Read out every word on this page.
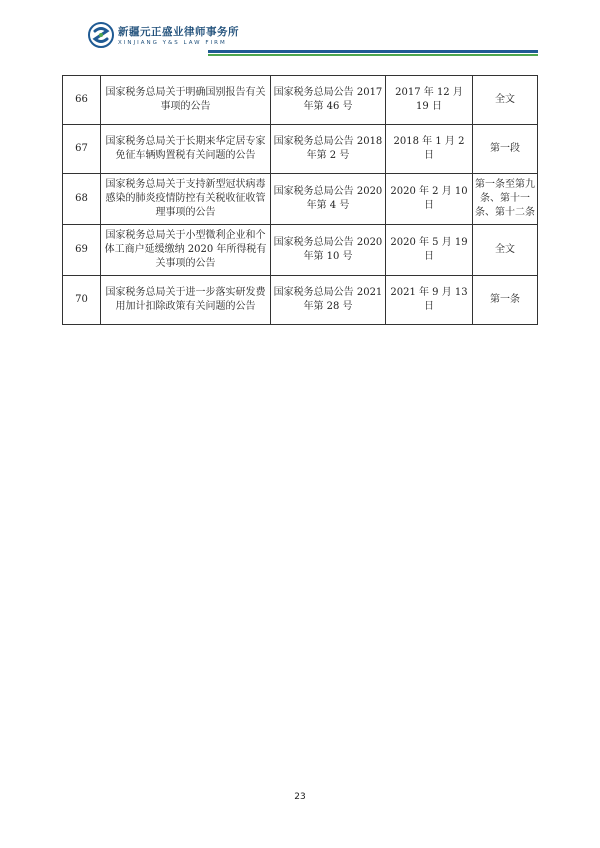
新疆元正盛业律师事务所
XINJIANG Y&S LAW FIRM
66	国家税务总局关于明确国别报告有关事项的公告	国家税务总局公告 2017 年第 46 号	2017 年 12 月 19 日	全文
67	国家税务总局关于长期来华定居专家免征车辆购置税有关问题的公告	国家税务总局公告 2018 年第 2 号	2018 年 1 月 2 日	第一段
68	国家税务总局关于支持新型冠状病毒感染的肺炎疫情防控有关税收征收管理事项的公告	国家税务总局公告 2020 年第 4 号	2020 年 2 月 10 日	第一条至第九条、第十一条、第十二条
69	国家税务总局关于小型微利企业和个体工商户延缓缴纳 2020 年所得税有关事项的公告	国家税务总局公告 2020 年第 10 号	2020 年 5 月 19 日	全文
70	国家税务总局关于进一步落实研发费用加计扣除政策有关问题的公告	国家税务总局公告 2021 年第 28 号	2021 年 9 月 13 日	第一条
23
